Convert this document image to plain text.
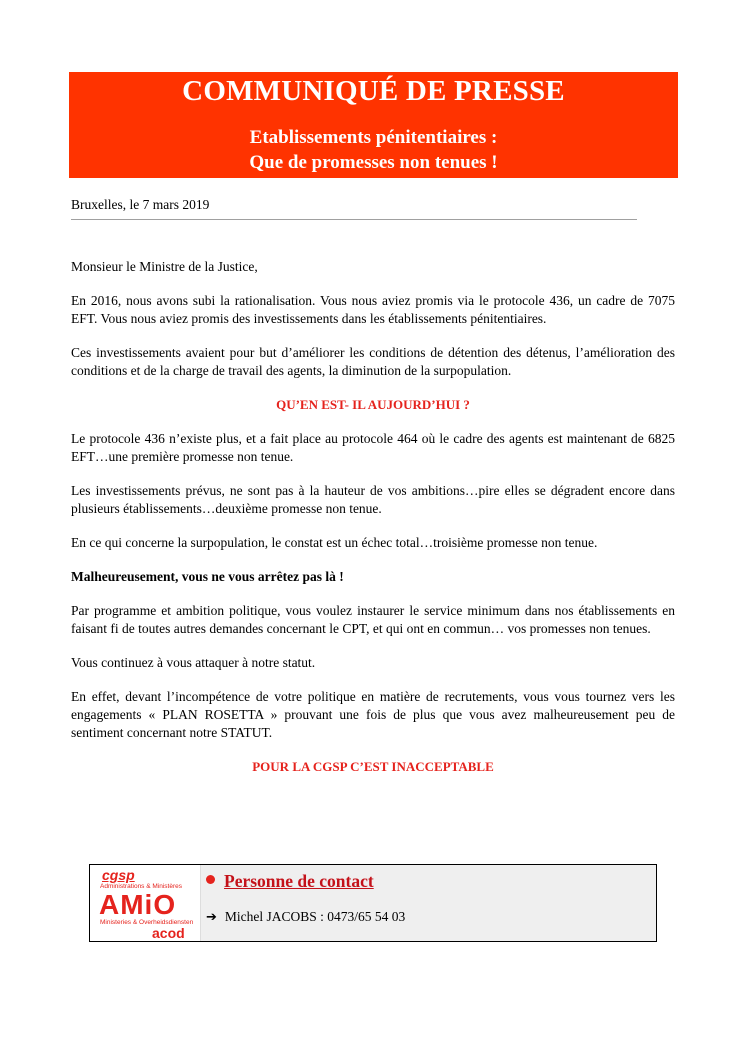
COMMUNIQUÉ DE PRESSE
Etablissements pénitentiaires :
Que de promesses non tenues !
Bruxelles, le 7 mars 2019

Monsieur le Ministre de la Justice,

En 2016, nous avons subi la rationalisation. Vous nous aviez promis via le protocole 436, un cadre de 7075 EFT. Vous nous aviez promis des investissements dans les établissements pénitentiaires.

Ces investissements avaient pour but d’améliorer les conditions de détention des détenus, l’amélioration des conditions et de la charge de travail des agents, la diminution de la surpopulation.

QU’EN EST- IL AUJOURD’HUI ?

Le protocole 436 n’existe plus, et a fait place au protocole 464 où le cadre des agents est maintenant de 6825 EFT…une première promesse non tenue.

Les investissements prévus, ne sont pas à la hauteur de vos ambitions…pire elles se dégradent encore dans plusieurs établissements…deuxième promesse non tenue.

En ce qui concerne la surpopulation, le constat est un échec total…troisième promesse non tenue.

Malheureusement, vous ne vous arrêtez pas là !

Par programme et ambition politique, vous voulez instaurer le service minimum dans nos établissements en faisant fi de toutes autres demandes concernant le CPT, et qui ont en commun… vos promesses non tenues.

Vous continuez à vous attaquer à notre statut.

En effet, devant l’incompétence de votre politique en matière de recrutements, vous vous tournez vers les engagements « PLAN ROSETTA » prouvant une fois de plus que vous avez malheureusement peu de sentiment concernant notre STATUT.

POUR LA CGSP C’EST INACCEPTABLE

cgsp
Administrations & Ministères
AMiO
Ministeries & Overheidsdiensten
acod
Personne de contact
➔ Michel JACOBS : 0473/65 54 03
